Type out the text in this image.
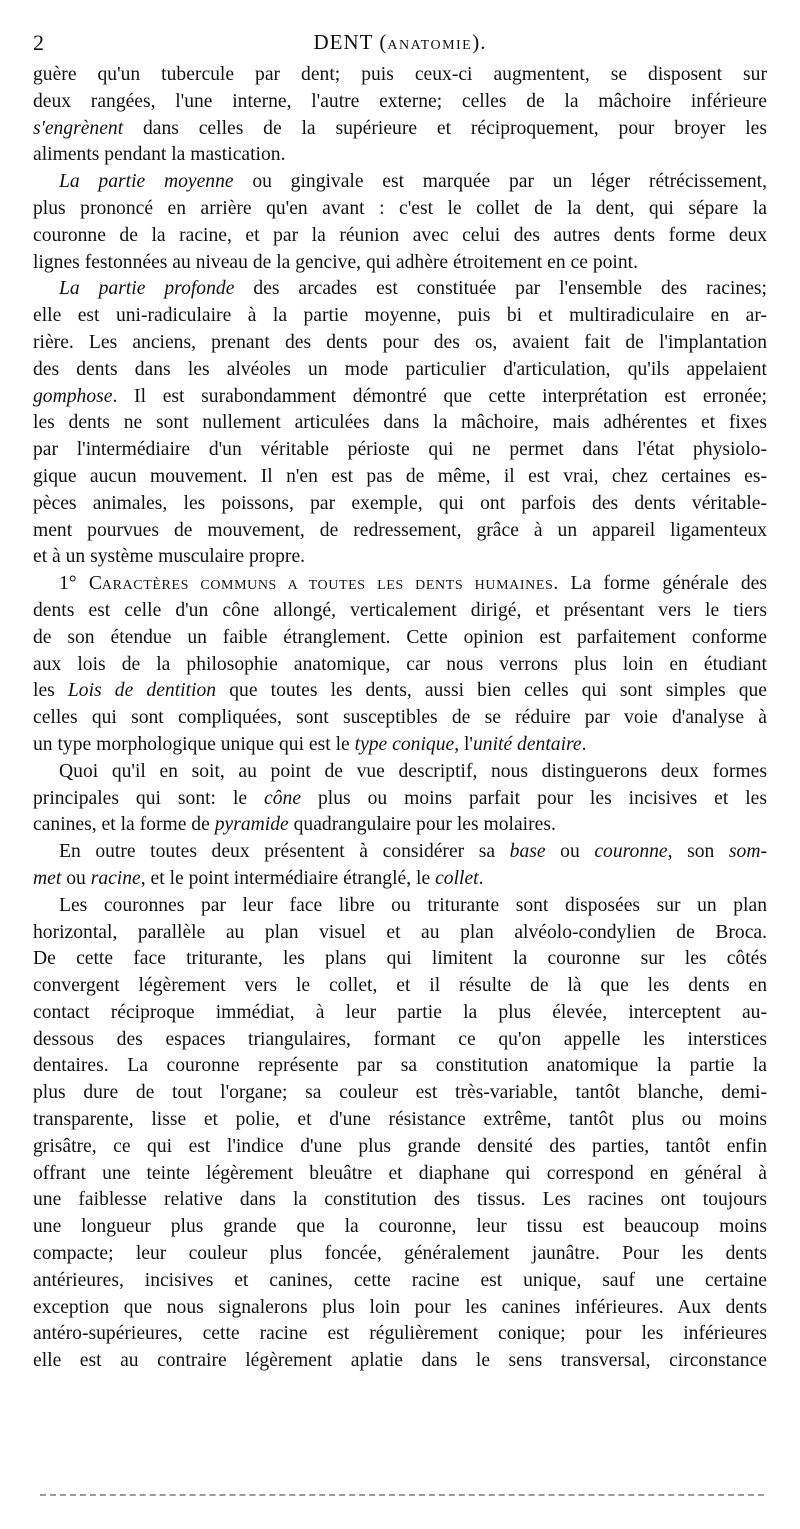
2	DENT (ANATOMIE).
guère qu'un tubercule par dent; puis ceux-ci augmentent, se disposent sur
deux rangées, l'une interne, l'autre externe; celles de la mâchoire inférieure
s'engrènent dans celles de la supérieure et réciproquement, pour broyer les
aliments pendant la mastication.
La partie moyenne ou gingivale est marquée par un léger rétrécissement,
plus prononcé en arrière qu'en avant : c'est le collet de la dent, qui sépare la
couronne de la racine, et par la réunion avec celui des autres dents forme deux
lignes festonnées au niveau de la gencive, qui adhère étroitement en ce point.
La partie profonde des arcades est constituée par l'ensemble des racines;
elle est uni-radiculaire à la partie moyenne, puis bi et multiradiculaire en ar-
rière. Les anciens, prenant des dents pour des os, avaient fait de l'implantation
des dents dans les alvéoles un mode particulier d'articulation, qu'ils appelaient
gomphose. Il est surabondamment démontré que cette interprétation est erronée;
les dents ne sont nullement articulées dans la mâchoire, mais adhérentes et fixes
par l'intermédiaire d'un véritable périoste qui ne permet dans l'état physiolo-
gique aucun mouvement. Il n'en est pas de même, il est vrai, chez certaines es-
pèces animales, les poissons, par exemple, qui ont parfois des dents véritable-
ment pourvues de mouvement, de redressement, grâce à un appareil ligamenteux
et à un système musculaire propre.
1° CARACTÈRES COMMUNS A TOUTES LES DENTS HUMAINES. La forme générale des
dents est celle d'un cône allongé, verticalement dirigé, et présentant vers le tiers
de son étendue un faible étranglement. Cette opinion est parfaitement conforme
aux lois de la philosophie anatomique, car nous verrons plus loin en étudiant
les Lois de dentition que toutes les dents, aussi bien celles qui sont simples que
celles qui sont compliquées, sont susceptibles de se réduire par voie d'analyse à
un type morphologique unique qui est le type conique, l'unité dentaire.
Quoi qu'il en soit, au point de vue descriptif, nous distinguerons deux formes
principales qui sont: le cône plus ou moins parfait pour les incisives et les
canines, et la forme de pyramide quadrangulaire pour les molaires.
En outre toutes deux présentent à considérer sa base ou couronne, son som-
met ou racine, et le point intermédiaire étranglé, le collet.
Les couronnes par leur face libre ou triturante sont disposées sur un plan
horizontal, parallèle au plan visuel et au plan alvéolo-condylien de Broca.
De cette face triturante, les plans qui limitent la couronne sur les côtés
convergent légèrement vers le collet, et il résulte de là que les dents en
contact réciproque immédiat, à leur partie la plus élevée, interceptent au-
dessous des espaces triangulaires, formant ce qu'on appelle les interstices
dentaires. La couronne représente par sa constitution anatomique la partie la
plus dure de tout l'organe; sa couleur est très-variable, tantôt blanche, demi-
transparente, lisse et polie, et d'une résistance extrême, tantôt plus ou moins
grisâtre, ce qui est l'indice d'une plus grande densité des parties, tantôt enfin
offrant une teinte légèrement bleuâtre et diaphane qui correspond en général à
une faiblesse relative dans la constitution des tissus. Les racines ont toujours
une longueur plus grande que la couronne, leur tissu est beaucoup moins
compacte; leur couleur plus foncée, généralement jaunâtre. Pour les dents
antérieures, incisives et canines, cette racine est unique, sauf une certaine
exception que nous signalerons plus loin pour les canines inférieures. Aux dents
antéro-supérieures, cette racine est régulièrement conique; pour les inférieures
elle est au contraire légèrement aplatie dans le sens transversal, circonstance
